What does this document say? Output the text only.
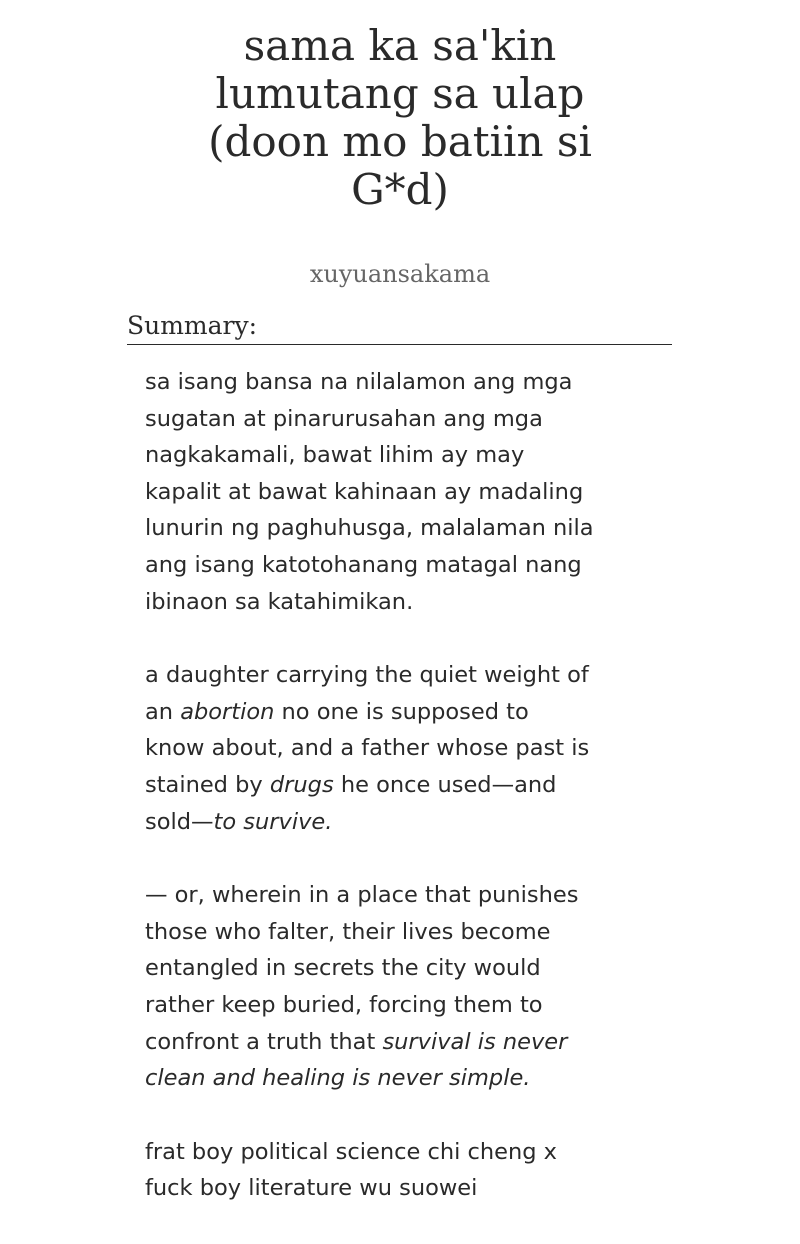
sama ka sa'kin
lumutang sa ulap
(doon mo batiin si
G*d)
xuyuansakama
Summary:

sa isang bansa na nilalamon ang mga
sugatan at pinarurusahan ang mga
nagkakamali, bawat lihim ay may
kapalit at bawat kahinaan ay madaling
lunurin ng paghuhusga, malalaman nila
ang isang katotohanang matagal nang
ibinaon sa katahimikan.

a daughter carrying the quiet weight of
an abortion no one is supposed to
know about, and a father whose past is
stained by drugs he once used—and
sold—to survive.

— or, wherein in a place that punishes
those who falter, their lives become
entangled in secrets the city would
rather keep buried, forcing them to
confront a truth that survival is never
clean and healing is never simple.

frat boy political science chi cheng x
fuck boy literature wu suowei
